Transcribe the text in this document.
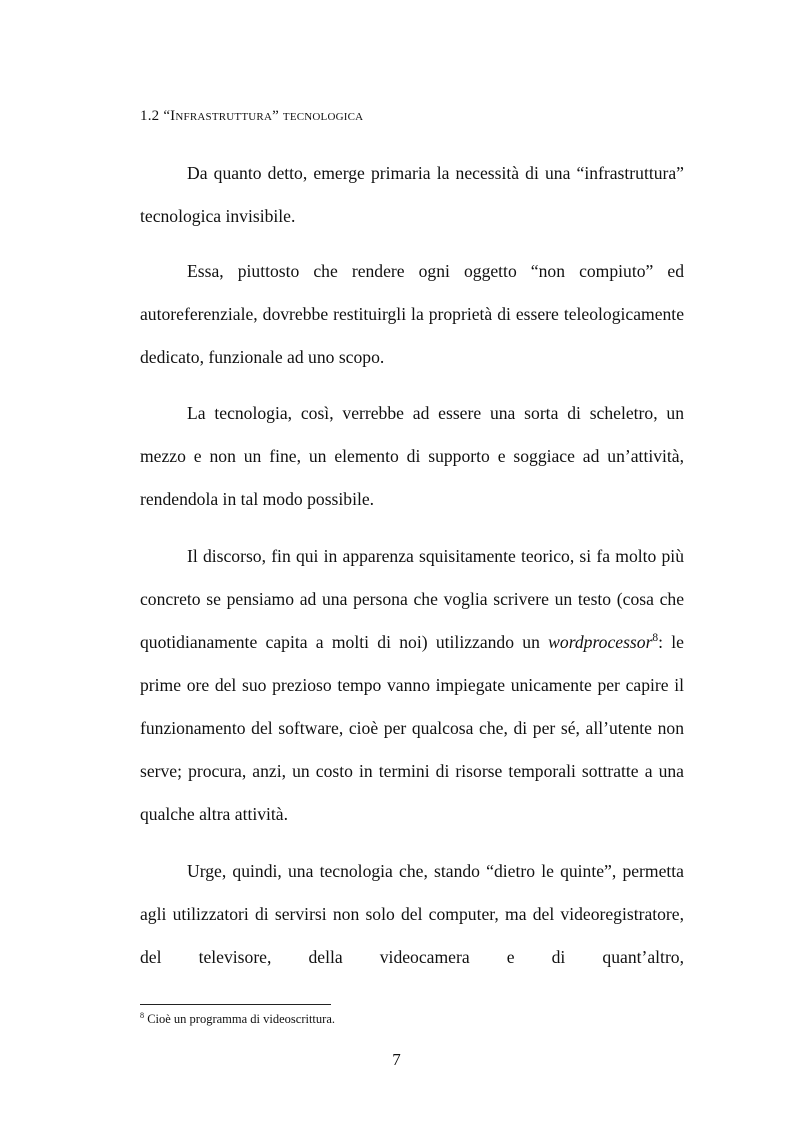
1.2 “Infrastruttura” tecnologica

Da quanto detto, emerge primaria la necessità di una “infrastruttura” tecnologica invisibile.

Essa, piuttosto che rendere ogni oggetto “non compiuto” ed autoreferenziale, dovrebbe restituirgli la proprietà di essere teleologicamente dedicato, funzionale ad uno scopo.

La tecnologia, così, verrebbe ad essere una sorta di scheletro, un mezzo e non un fine, un elemento di supporto e soggiace ad un’attività, rendendola in tal modo possibile.

Il discorso, fin qui in apparenza squisitamente teorico, si fa molto più concreto se pensiamo ad una persona che voglia scrivere un testo (cosa che quotidianamente capita a molti di noi) utilizzando un wordprocessor$^8$: le prime ore del suo prezioso tempo vanno impiegate unicamente per capire il funzionamento del software, cioè per qualcosa che, di per sé, all’utente non serve; procura, anzi, un costo in termini di risorse temporali sottratte a una qualche altra attività.

Urge, quindi, una tecnologia che, stando “dietro le quinte”, permetta agli utilizzatori di servirsi non solo del computer, ma del videoregistratore, del televisore, della videocamera e di quant’altro,

$^8$ Cioè un programma di videoscrittura.
7
